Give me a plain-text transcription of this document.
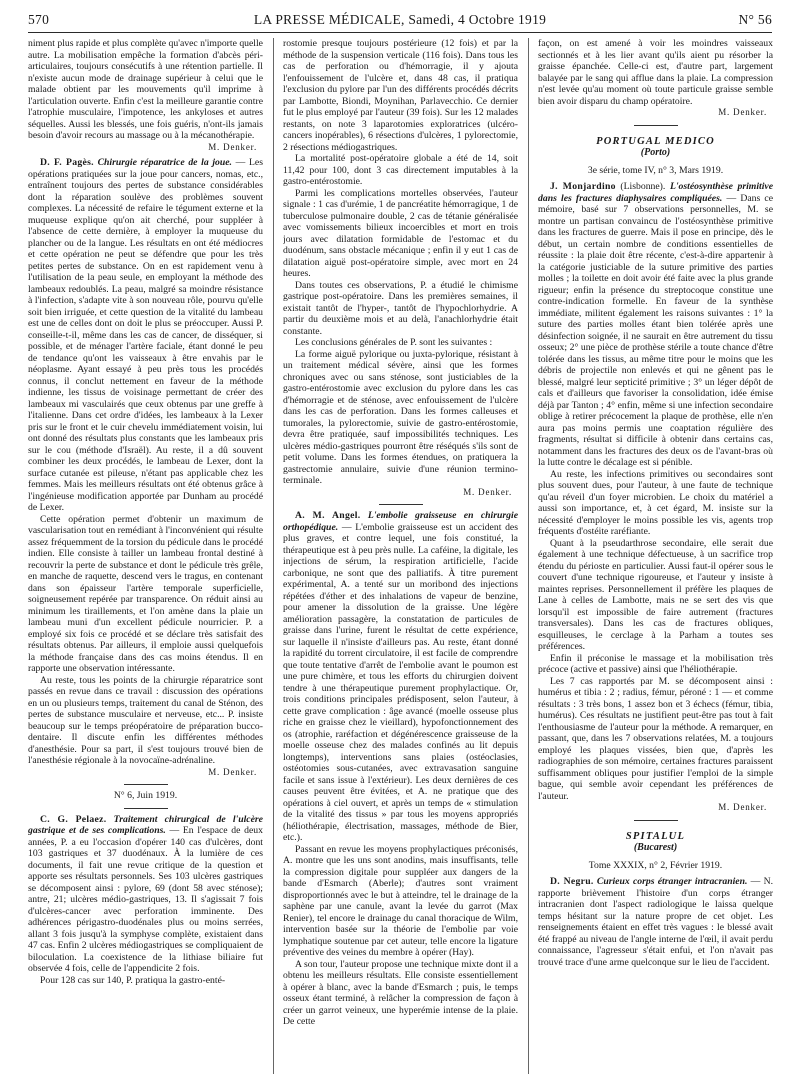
570	LA PRESSE MÉDICALE, Samedi, 4 Octobre 1919	N° 56

niment plus rapide et plus complète qu'avec n'importe quelle autre. La mobilisation empêche la formation d'abcès péri-articulaires, toujours consécutifs à une rétention partielle. Il n'existe aucun mode de drainage supérieur à celui que le malade obtient par les mouvements qu'il imprime à l'articulation ouverte. Enfin c'est la meilleure garantie contre l'atrophie musculaire, l'impotence, les ankyloses et autres séquelles. Aussi les blessés, une fois guéris, n'ont-ils jamais besoin d'avoir recours au massage ou à la mécanothérapie.

M. Denker.

D. F. Pagès. Chirurgie réparatrice de la joue. — Les opérations pratiquées sur la joue pour cancers, nomas, etc., entraînent toujours des pertes de substance considérables dont la réparation soulève des problèmes souvent complexes. La nécessité de refaire le tégument externe et la muqueuse explique qu'on ait cherché, pour suppléer à l'absence de cette dernière, à employer la muqueuse du plancher ou de la langue. Les résultats en ont été médiocres et cette opération ne peut se défendre que pour les très petites pertes de substance. On en est rapidement venu à l'utilisation de la peau seule, en employant la méthode des lambeaux redoublés. La peau, malgré sa moindre résistance à l'infection, s'adapte vite à son nouveau rôle, pourvu qu'elle soit bien irriguée, et cette question de la vitalité du lambeau est une de celles dont on doit le plus se préoccuper. Aussi P. conseille-t-il, même dans les cas de cancer, de disséquer, si possible, et de ménager l'artère faciale, étant donné le peu de tendance qu'ont les vaisseaux à être envahis par le néoplasme. Ayant essayé à peu près tous les procédés connus, il conclut nettement en faveur de la méthode indienne, les tissus de voisinage permettant de créer des lambeaux mi vasculairés que ceux obtenus par une greffe à l'italienne. Dans cet ordre d'idées, les lambeaux à la Lexer pris sur le front et le cuir chevelu immédiatement voisin, lui ont donné des résultats plus constants que les lambeaux pris sur le cou (méthode d'Israël). Au reste, il a dû souvent combiner les deux procédés, le lambeau de Lexer, dont la surface cutanée est pileuse, n'étant pas applicable chez les femmes. Mais les meilleurs résultats ont été obtenus grâce à l'ingénieuse modification apportée par Dunham au procédé de Lexer.

Cette opération permet d'obtenir un maximum de vascularisation tout en remédiant à l'inconvénient qui résulte assez fréquemment de la torsion du pédicule dans le procédé indien. Elle consiste à tailler un lambeau frontal destiné à recouvrir la perte de substance et dont le pédicule très grêle, en manche de raquette, descend vers le tragus, en contenant dans son épaisseur l'artère temporale superficielle, soigneusement repérée par transparence. On réduit ainsi au minimum les tiraillements, et l'on amène dans la plaie un lambeau muni d'un excellent pédicule nourricier. P. a employé six fois ce procédé et se déclare très satisfait des résultats obtenus. Par ailleurs, il emploie aussi quelquefois la méthode française dans des cas moins étendus. Il en rapporte une observation intéressante.

Au reste, tous les points de la chirurgie réparatrice sont passés en revue dans ce travail : discussion des opérations en un ou plusieurs temps, traitement du canal de Sténon, des pertes de substance musculaire et nerveuse, etc... P. insiste beaucoup sur le temps préopératoire de préparation bucco-dentaire. Il discute enfin les différentes méthodes d'anesthésie. Pour sa part, il s'est toujours trouvé bien de l'anesthésie régionale à la novocaïne-adrénaline.

M. Denker.
N° 6, Juin 1919.

C. G. Pelaez. Traitement chirurgical de l'ulcère gastrique et de ses complications. — En l'espace de deux années, P. a eu l'occasion d'opérer 140 cas d'ulcères, dont 103 gastriques et 37 duodénaux. À la lumière de ces documents, il fait une revue critique de la question et apporte ses résultats personnels. Ses 103 ulcères gastriques se décomposent ainsi : pylore, 69 (dont 58 avec sténose); antre, 21; ulcères médio-gastriques, 13. Il s'agissait 7 fois d'ulcères-cancer avec perforation imminente. Des adhérences périgastro-duodénales plus ou moins serrées, allant 3 fois jusqu'à la symphyse complète, existaient dans 47 cas. Enfin 2 ulcères médiogastriques se compliquaient de biloculation. La coexistence de la lithiase biliaire fut observée 4 fois, celle de l'appendicite 2 fois.

Pour 128 cas sur 140, P. pratiqua la gastro-enté-

rostomie presque toujours postérieure (12 fois) et par la méthode de la suspension verticale (116 fois). Dans tous les cas de perforation ou d'hémorragie, il y ajouta l'enfouissement de l'ulcère et, dans 48 cas, il pratiqua l'exclusion du pylore par l'un des différents procédés décrits par Lambotte, Biondi, Moynihan, Parlavecchio. Ce dernier fut le plus employé par l'auteur (39 fois). Sur les 12 malades restants, on note 3 laparotomies exploratrices (ulcéro-cancers inopérables), 6 résections d'ulcères, 1 pylorectomie, 2 résections médiogastriques.

La mortalité post-opératoire globale a été de 14, soit 11,42 pour 100, dont 3 cas directement imputables à la gastro-entérostomie.

Parmi les complications mortelles observées, l'auteur signale : 1 cas d'urémie, 1 de pancréatite hémorragique, 1 de tuberculose pulmonaire double, 2 cas de tétanie généralisée avec vomissements bilieux incoercibles et mort en trois jours avec dilatation formidable de l'estomac et du duodénum, sans obstacle mécanique ; enfin il y eut 1 cas de dilatation aiguë post-opératoire simple, avec mort en 24 heures.

Dans toutes ces observations, P. a étudié le chimisme gastrique post-opératoire. Dans les premières semaines, il existait tantôt de l'hyper-, tantôt de l'hypochlorhydrie. A partir du deuxième mois et au delà, l'anachlorhydrie était constante.

Les conclusions générales de P. sont les suivantes :

La forme aiguë pylorique ou juxta-pylorique, résistant à un traitement médical sévère, ainsi que les formes chroniques avec ou sans sténose, sont justiciables de la gastro-entérostomie avec exclusion du pylore dans les cas d'hémorragie et de sténose, avec enfouissement de l'ulcère dans les cas de perforation. Dans les formes calleuses et tumorales, la pylorectomie, suivie de gastro-entérostomie, devra être pratiquée, sauf impossibilités techniques. Les ulcères médio-gastriques pourront être réséqués s'ils sont de petit volume. Dans les formes étendues, on pratiquera la gastrectomie annulaire, suivie d'une réunion termino-terminale.

M. Denker.

A. M. Angel. L'embolie graisseuse en chirurgie orthopédique. — L'embolie graisseuse est un accident des plus graves, et contre lequel, une fois constitué, la thérapeutique est à peu près nulle. La caféine, la digitale, les injections de sérum, la respiration artificielle, l'acide carbonique, ne sont que des palliatifs. À titre purement expérimental, A. a tenté sur un moribond des injections répétées d'éther et des inhalations de vapeur de benzine, pour amener la dissolution de la graisse. Une légère amélioration passagère, la constatation de particules de graisse dans l'urine, furent le résultat de cette expérience, sur laquelle il n'insiste d'ailleurs pas. Au reste, étant donné la rapidité du torrent circulatoire, il est facile de comprendre que toute tentative d'arrêt de l'embolie avant le poumon est une pure chimère, et tous les efforts du chirurgien doivent tendre à une thérapeutique purement prophylactique. Or, trois conditions principales prédisposent, selon l'auteur, à cette grave complication : âge avancé (moelle osseuse plus riche en graisse chez le vieillard), hypofonctionnement des os (atrophie, raréfaction et dégénérescence graisseuse de la moelle osseuse chez des malades confinés au lit depuis longtemps), interventions sans plaies (ostéoclasies, ostéotomies sous-cutanées, avec extravasation sanguine facile et sans issue à l'extérieur). Les deux dernières de ces causes peuvent être évitées, et A. ne pratique que des opérations à ciel ouvert, et après un temps de « stimulation de la vitalité des tissus » par tous les moyens appropriés (héliothérapie, électrisation, massages, méthode de Bier, etc.).

Passant en revue les moyens prophylactiques préconisés, A. montre que les uns sont anodins, mais insuffisants, telle la compression digitale pour suppléer aux dangers de la bande d'Esmarch (Aberle); d'autres sont vraiment disproportionnés avec le but à atteindre, tel le drainage de la saphène par une canule, avant la levée du garrot (Max Renier), tel encore le drainage du canal thoracique de Wilm, intervention basée sur la théorie de l'embolie par voie lymphatique soutenue par cet auteur, telle encore la ligature préventive des veines du membre à opérer (Hay).

A son tour, l'auteur propose une technique mixte dont il a obtenu les meilleurs résultats. Elle consiste essentiellement à opérer à blanc, avec la bande d'Esmarch ; puis, le temps osseux étant terminé, à relâcher la compression de façon à créer un garrot veineux, une hyperémie intense de la plaie. De cette

façon, on est amené à voir les moindres vaisseaux sectionnés et à les lier avant qu'ils aient pu résorber la graisse épanchée. Celle-ci est, d'autre part, largement balayée par le sang qui afflue dans la plaie. La compression n'est levée qu'au moment où toute particule graisse semble bien avoir disparu du champ opératoire.

M. Denker.
PORTUGAL MEDICO
(Porto)
3e série, tome IV, n° 3, Mars 1919.

J. Monjardino (Lisbonne). L'ostéosynthèse primitive dans les fractures diaphysaires compliquées. — Dans ce mémoire, basé sur 7 observations personnelles, M. se montre un partisan convaincu de l'ostéosynthèse primitive dans les fractures de guerre. Mais il pose en principe, dès le début, un certain nombre de conditions essentielles de réussite : la plaie doit être récente, c'est-à-dire appartenir à la catégorie justiciable de la suture primitive des parties molles ; la toilette en doit avoir été faite avec la plus grande rigueur; enfin la présence du streptocoque constitue une contre-indication formelle. En faveur de la synthèse immédiate, militent également les raisons suivantes : 1° la suture des parties molles étant bien tolérée après une désinfection soignée, il ne saurait en être autrement du tissu osseux; 2° une pièce de prothèse stérile a toute chance d'être tolérée dans les tissus, au même titre pour le moins que les débris de projectile non enlevés et qui ne gênent pas le blessé, malgré leur septicité primitive ; 3° un léger dépôt de cals et d'ailleurs que favoriser la consolidation, idée émise déjà par Tanton ; 4° enfin, même si une infection secondaire oblige à retirer précocement la plaque de prothèse, elle n'en aura pas moins permis une coaptation régulière des fragments, résultat si difficile à obtenir dans certains cas, notamment dans les fractures des deux os de l'avant-bras où la lutte contre le décalage est si pénible.

Au reste, les infections primitives ou secondaires sont plus souvent dues, pour l'auteur, à une faute de technique qu'au réveil d'un foyer microbien. Le choix du matériel a aussi son importance, et, à cet égard, M. insiste sur la nécessité d'employer le moins possible les vis, agents trop fréquents d'ostéite raréfiante.

Quant à la pseudarthrose secondaire, elle serait due également à une technique défectueuse, à un sacrifice trop étendu du périoste en particulier. Aussi faut-il opérer sous le couvert d'une technique rigoureuse, et l'auteur y insiste à maintes reprises. Personnellement il préfère les plaques de Lane à celles de Lambotte, mais ne se sert des vis que lorsqu'il est impossible de faire autrement (fractures transversales). Dans les cas de fractures obliques, esquilleuses, le cerclage à la Parham a toutes ses préférences.

Enfin il préconise le massage et la mobilisation très précoce (active et passive) ainsi que l'héliothérapie.

Les 7 cas rapportés par M. se décomposent ainsi : humérus et tibia : 2 ; radius, fémur, péroné : 1 — et comme résultats : 3 très bons, 1 assez bon et 3 échecs (fémur, tibia, humérus). Ces résultats ne justifient peut-être pas tout à fait l'enthousiasme de l'auteur pour la méthode. A remarquer, en passant, que, dans les 7 observations relatées, M. a toujours employé les plaques vissées, bien que, d'après les radiographies de son mémoire, certaines fractures paraissent suffisamment obliques pour justifier l'emploi de la simple bague, qui semble avoir cependant les préférences de l'auteur.

M. Denker.
SPITALUL
(Bucarest)
Tome XXXIX, n° 2, Février 1919.

D. Negru. Curieux corps étranger intracranien. — N. rapporte brièvement l'histoire d'un corps étranger intracranien dont l'aspect radiologique le laissa quelque temps hésitant sur la nature propre de cet objet. Les renseignements étaient en effet très vagues : le blessé avait été frappé au niveau de l'angle interne de l'œil, il avait perdu connaissance, l'agresseur s'était enfui, et l'on n'avait pas trouvé trace d'une arme quelconque sur le lieu de l'accident.
